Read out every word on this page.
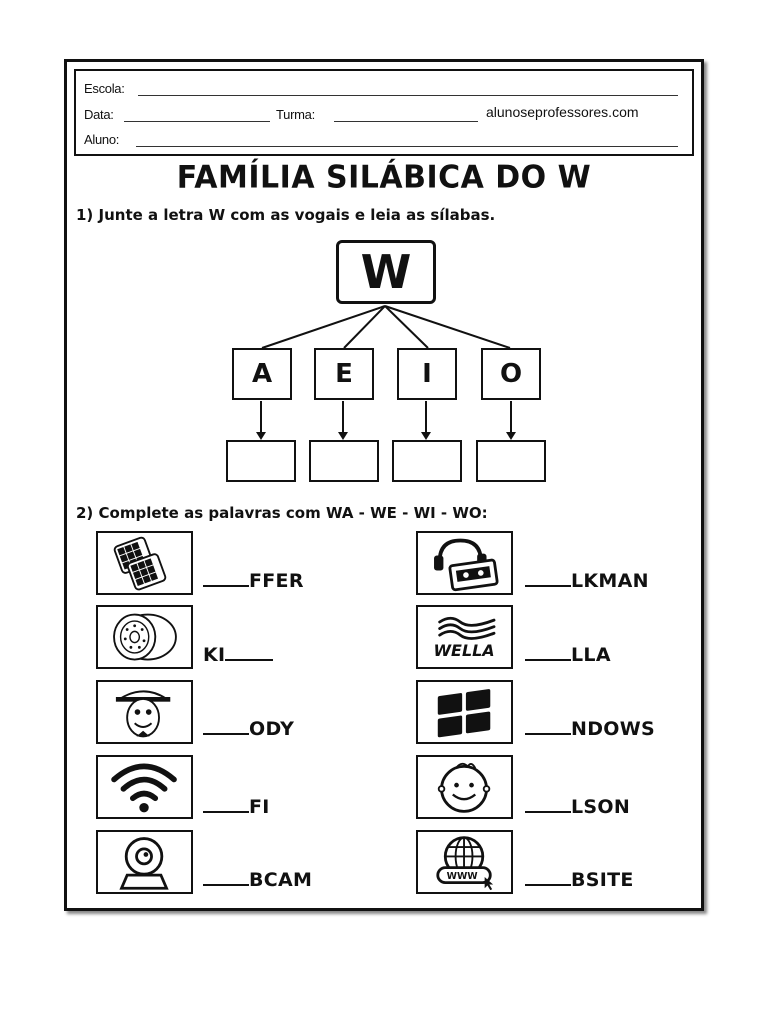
Escola:
Data:	Turma:	alunoseprofessores.com
Aluno:
FAMÍLIA SILÁBICA DO W
1) Junte a letra W com as vogais e leia as sílabas.
W
A	E	I	O
2) Complete as palavras com WA - WE - WI - WO:
FFER
KI
ODY
FI
BCAM
WELLA
WWW
LKMAN
LLA
NDOWS
LSON
BSITE
